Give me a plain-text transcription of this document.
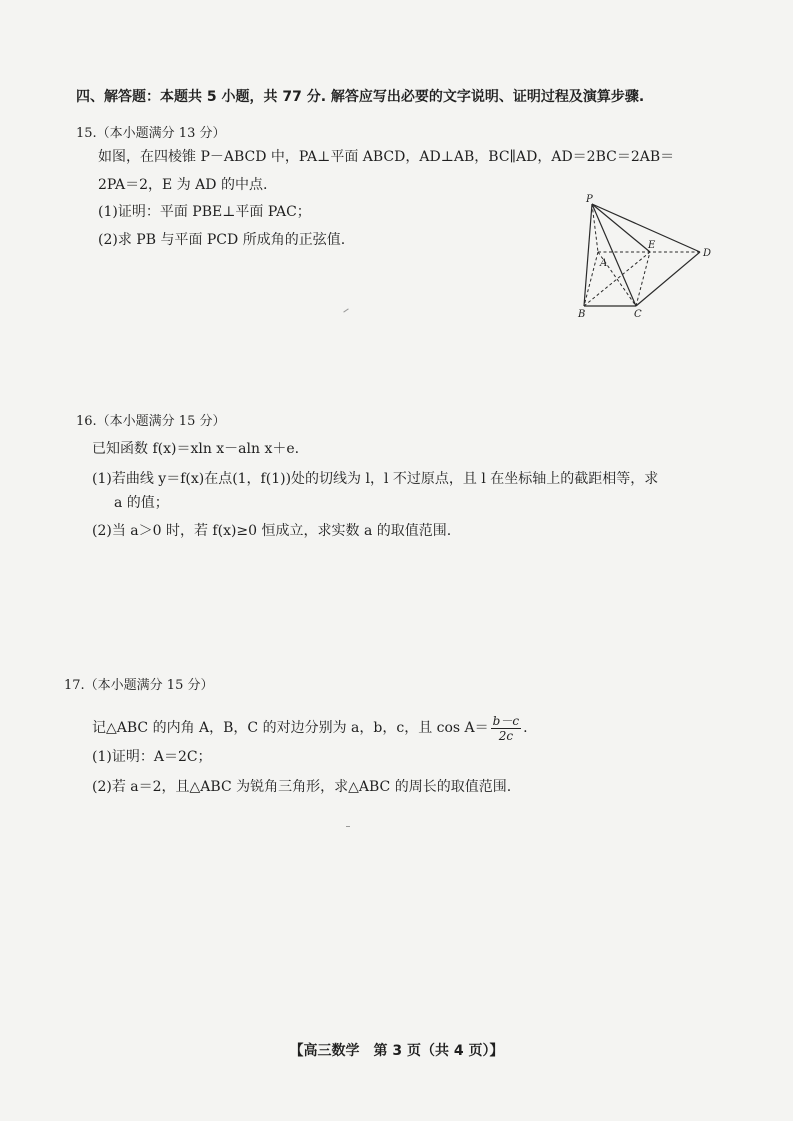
四、解答题：本题共 5 小题，共 77 分. 解答应写出必要的文字说明、证明过程及演算步骤.
15.（本小题满分 13 分）
如图，在四棱锥 P－ABCD 中，PA⊥平面 ABCD，AD⊥AB，BC∥AD，AD＝2BC＝2AB＝
2PA＝2，E 为 AD 的中点.
(1)证明：平面 PBE⊥平面 PAC；
(2)求 PB 与平面 PCD 所成角的正弦值.
P
A
B	C
D
E
16.（本小题满分 15 分）
已知函数 f(x)＝xln x－aln x＋e.
(1)若曲线 y＝f(x)在点(1，f(1))处的切线为 l，l 不过原点，且 l 在坐标轴上的截距相等，求
a 的值；
(2)当 a＞0 时，若 f(x)≥0 恒成立，求实数 a 的取值范围.
17.（本小题满分 15 分）
记△ABC 的内角 A，B，C 的对边分别为 a，b，c，且 $\cos A= \frac{b-c}{2c}$ .
(1)证明：A＝2C；
(2)若 a＝2，且△ABC 为锐角三角形，求△ABC 的周长的取值范围.
【高三数学　第 3 页（共 4 页）】
